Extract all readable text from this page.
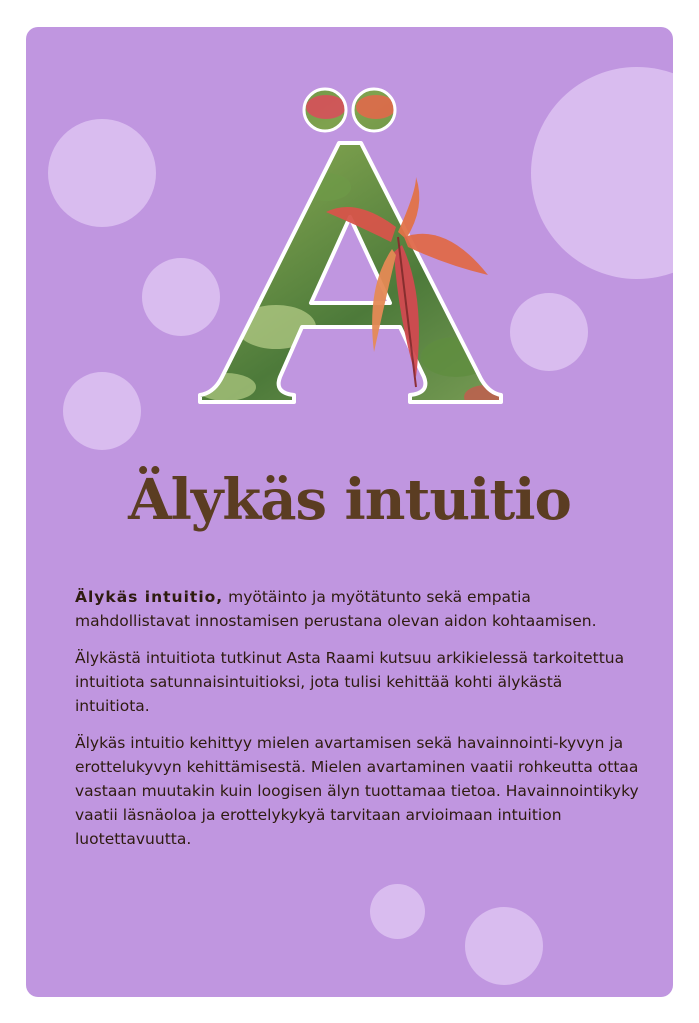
Älykäs intuitio

Älykäs intuitio, myötäinto ja myötätunto sekä empatia mahdollistavat innostamisen perustana olevan aidon kohtaamisen.

Älykästä intuitiota tutkinut Asta Raami kutsuu arkikielessä tarkoitettua intuitiota satunnaisintuitioksi, jota tulisi kehittää kohti älykästä intuitiota.

Älykäs intuitio kehittyy mielen avartamisen sekä havainnointi-kyvyn ja erottelukyvyn kehittämisestä. Mielen avartaminen vaatii rohkeutta ottaa vastaan muutakin kuin loogisen älyn tuottamaa tietoa. Havainnointikyky vaatii läsnäoloa ja erottelykykyä tarvitaan arvioimaan intuition luotettavuutta.
